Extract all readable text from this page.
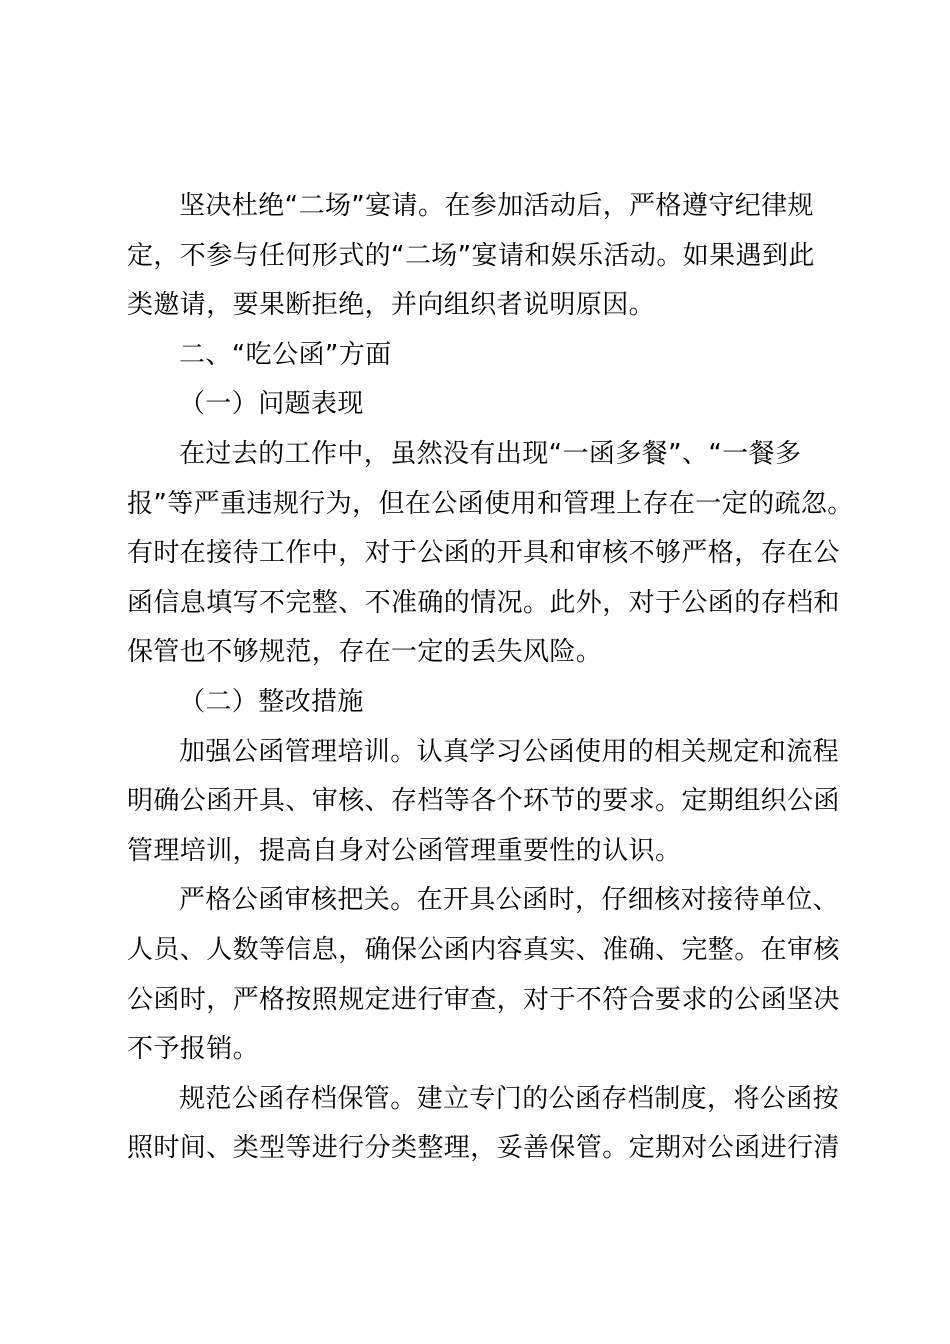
坚决杜绝“二场”宴请。在参加活动后，严格遵守纪律规
定，不参与任何形式的“二场”宴请和娱乐活动。如果遇到此
类邀请，要果断拒绝，并向组织者说明原因。

二、“吃公函”方面

（一）问题表现

在过去的工作中，虽然没有出现“一函多餐”、“一餐多
报”等严重违规行为，但在公函使用和管理上存在一定的疏忽。
有时在接待工作中，对于公函的开具和审核不够严格，存在公
函信息填写不完整、不准确的情况。此外，对于公函的存档和
保管也不够规范，存在一定的丢失风险。

（二）整改措施

加强公函管理培训。认真学习公函使用的相关规定和流程
明确公函开具、审核、存档等各个环节的要求。定期组织公函
管理培训，提高自身对公函管理重要性的认识。

严格公函审核把关。在开具公函时，仔细核对接待单位、
人员、人数等信息，确保公函内容真实、准确、完整。在审核
公函时，严格按照规定进行审查，对于不符合要求的公函坚决
不予报销。

规范公函存档保管。建立专门的公函存档制度，将公函按
照时间、类型等进行分类整理，妥善保管。定期对公函进行清
